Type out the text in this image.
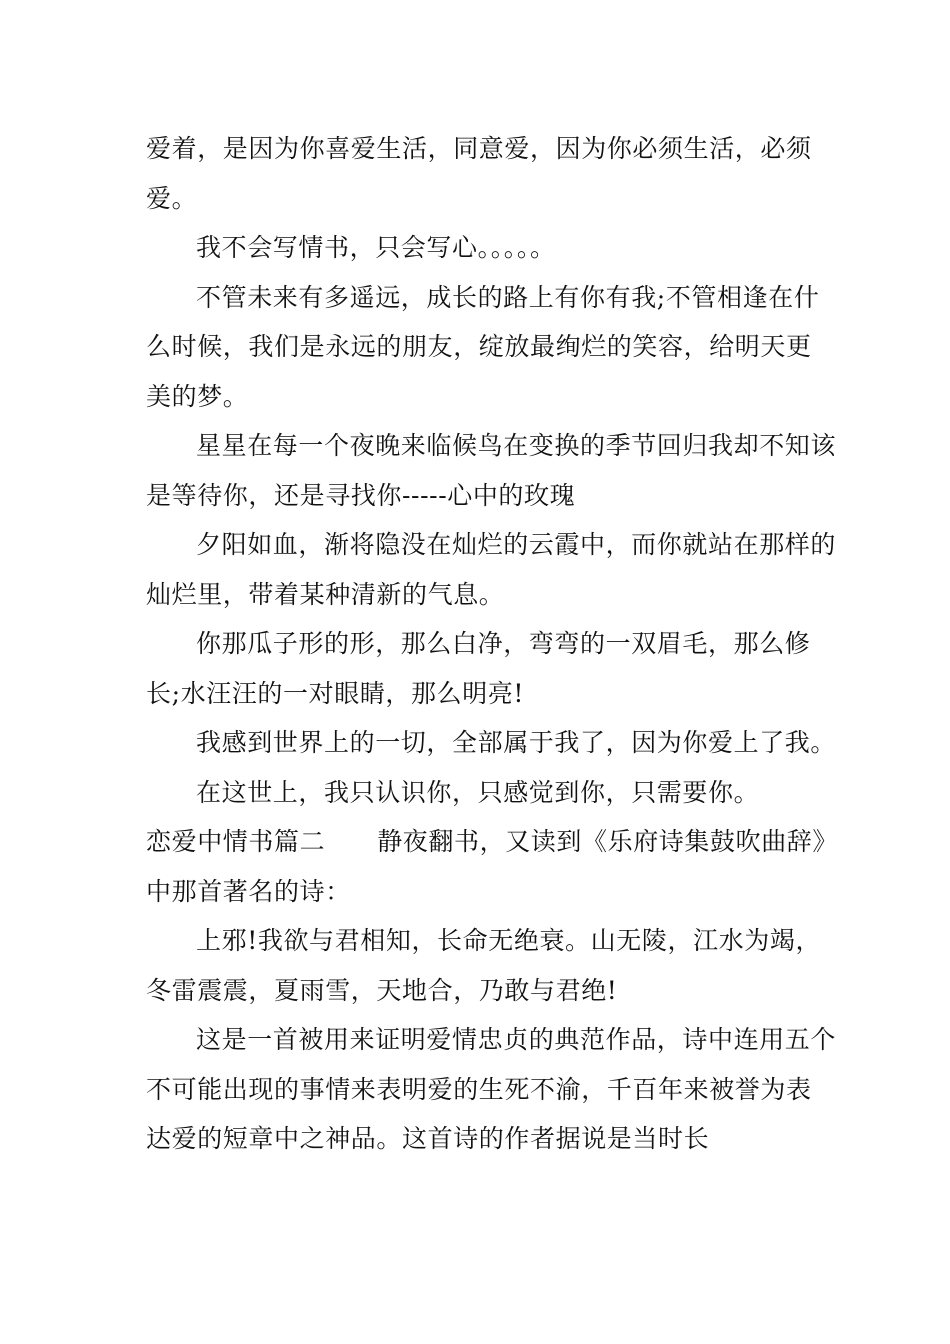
爱着，是因为你喜爱生活，同意爱，因为你必须生活，必须爱。

我不会写情书，只会写心。。。。。

不管未来有多遥远，成长的路上有你有我;不管相逢在什么时候，我们是永远的朋友，绽放最绚烂的笑容，给明天更美的梦。

星星在每一个夜晚来临候鸟在变换的季节回归我却不知该是等待你，还是寻找你-----心中的玫瑰

夕阳如血，渐将隐没在灿烂的云霞中，而你就站在那样的灿烂里，带着某种清新的气息。

你那瓜子形的形，那么白净，弯弯的一双眉毛，那么修长;水汪汪的一对眼睛，那么明亮!

我感到世界上的一切，全部属于我了，因为你爱上了我。

在这世上，我只认识你，只感觉到你，只需要你。

恋爱中情书篇二 静夜翻书，又读到《乐府诗集鼓吹曲辞》中那首著名的诗：

上邪!我欲与君相知，长命无绝衰。山无陵，江水为竭，冬雷震震，夏雨雪，天地合，乃敢与君绝!

这是一首被用来证明爱情忠贞的典范作品，诗中连用五个不可能出现的事情来表明爱的生死不渝，千百年来被誉为表达爱的短章中之神品。这首诗的作者据说是当时长
